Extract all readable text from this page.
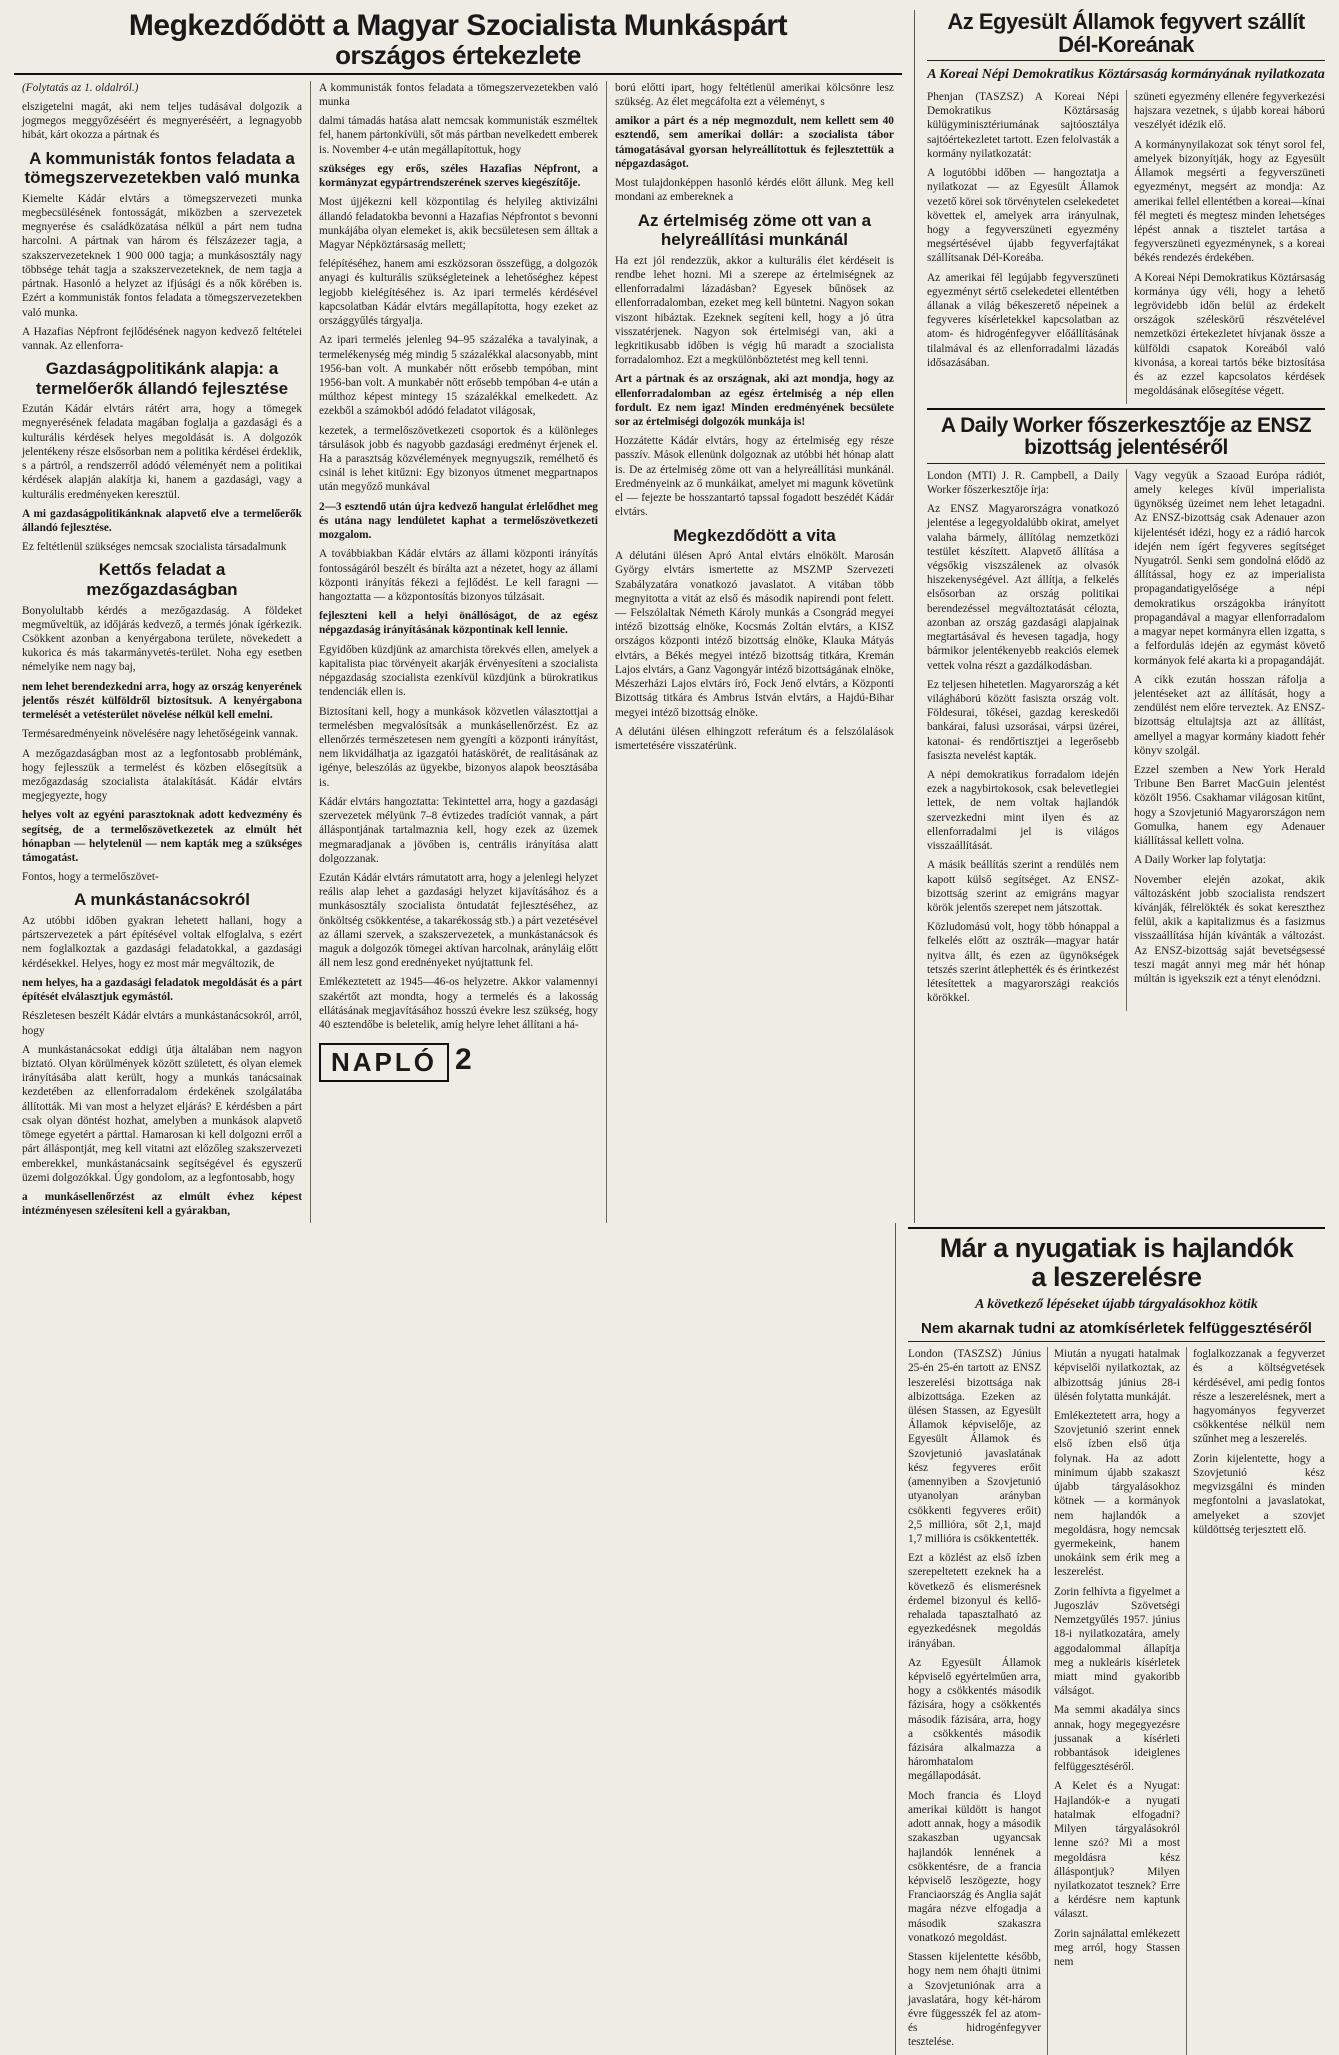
Megkezdődött a Magyar Szocialista Munkáspárt
országos értekezlete

(Folytatás az 1. oldalról.)

elszigetelni magát, aki nem teljes tudásával dolgozik a jogmegos meggyőzéséért és megnyeréséért, a legnagyobb hibát, kárt okozza a pártnak és

A kommunisták fontos feladata a tömegszervezetekben való munka

Kiemelte Kádár elvtárs a tömegszervezeti munka megbecsülésének fontosságát, miközben a szervezetek megnyerése és családközatása nélkül a párt nem tudna harcolni. A pártnak van három és félszázezer tagja, a szakszervezeteknek 1 900 000 tagja; a munkásosztály nagy többsége tehát tagja a szakszervezeteknek, de nem tagja a pártnak. Hasonló a helyzet az ifjúsági és a nők körében is. Ezért a kommunisták fontos feladata a tömegszervezetekben való munka.

A Hazafias Népfront fejlődésének nagyon kedvező feltételei vannak. Az ellenforra-

Gazdaságpolitikánk alapja: a termelőerők állandó fejlesztése

Ezután Kádár elvtárs rátért arra, hogy a tömegek megnyerésének feladata magában foglalja a gazdasági és a kulturális kérdések helyes megoldását is. A dolgozók jelentékeny része elsősorban nem a politika kérdései érdeklik, s a pártról, a rendszerről adódó véleményét nem a politikai kérdések alapján alakítja ki, hanem a gazdasági, vagy a kulturális eredményeken keresztül.

A mi gazdaságpolitikánknak alapvető elve a termelőerők állandó fejlesztése.

Ez feltétlenül szükséges nemcsak szocialista társadalmunk

Kettős feladat a mezőgazdaságban

Bonyolultabb kérdés a mezőgazdaság. A földeket megműveltük, az időjárás kedvező, a termés jónak ígérkezik. Csökkent azonban a kenyérgabona területe, növekedett a kukorica és más takarmányvetés-terület. Noha egy esetben némelyike nem nagy baj,

nem lehet berendezkedni arra, hogy az ország kenyerének jelentős részét külföldről biztosítsuk. A kenyérgabona termelését a vetésterület növelése nélkül kell emelni.

Termésaredményeink növelésére nagy lehetőségeink vannak.

A mezőgazdaságban most az a legfontosabb problémánk, hogy fejlesszük a termelést és közben elősegítsük a mezőgazdaság szocialista átalakítását. Kádár elvtárs megjegyezte, hogy

helyes volt az egyéni parasztoknak adott kedvezmény és segítség, de a termelőszövetkezetek az elmúlt hét hónapban — helytelenül — nem kapták meg a szükséges támogatást.

Fontos, hogy a termelőszövet-

A munkástanácsokról

Az utóbbi időben gyakran lehetett hallani, hogy a pártszervezetek a párt építésével voltak elfoglalva, s ezért nem foglalkoztak a gazdasági feladatokkal, a gazdasági kérdésekkel. Helyes, hogy ez most már megváltozik, de

nem helyes, ha a gazdasági feladatok megoldását és a párt építését elválasztjuk egymástól.

Részletesen beszélt Kádár elvtárs a munkástanácsokról, arról, hogy

A munkástanácsokat eddigi útja általában nem nagyon biztató. Olyan körülmények között született, és olyan elemek irányításába alatt került, hogy a munkás tanácsainak kezdetében az ellenforradalom érdekének szolgálatába állították. Mi van most a helyzet eljárás? E kérdésben a párt csak olyan döntést hozhat, amelyben a munkások alapvető tömege egyetért a párttal. Hamarosan ki kell dolgozni erről a párt álláspontját, meg kell vitatni azt előzőleg szakszervezeti emberekkel, munkástanácsaink segítségével és egyszerű üzemi dolgozókkal. Úgy gondolom, az a legfontosabb, hogy

a munkásellenőrzést az elmúlt évhez képest intézményesen szélesíteni kell a gyárakban,

A kommunisták fontos feladata a tömegszervezetekben való munka

dalmi támadás hatása alatt nemcsak kommunisták eszméltek fel, hanem pártonkívüli, sőt más pártban nevelkedett emberek is. November 4-e után megállapítottuk, hogy

szükséges egy erős, széles Hazafias Népfront, a kormányzat egypártrendszerének szerves kiegészítője.

Most újjékezni kell központilag és helyileg aktivizálni állandó feladatokba bevonni a Hazafias Népfrontot s bevonni munkájába olyan elemeket is, akik becsületesen sem álltak a Magyar Népköztársaság mellett;

felépítéséhez, hanem ami eszközsoran összefügg, a dolgozók anyagi és kulturális szükségleteinek a lehetőséghez képest legjobb kielégítéséhez is. Az ipari termelés kérdésével kapcsolatban Kádár elvtárs megállapította, hogy ezeket az országgyűlés tárgyalja.

Az ipari termelés jelenleg 94–95 százaléka a tavalyinak, a termelékenység még mindig 5 százalékkal alacsonyabb, mint 1956-ban volt. A munkabér nőtt erősebb tempóban, mint 1956-ban volt. A munkabér nőtt erősebb tempóban 4-e után a múlthoz képest mintegy 15 százalékkal emelkedett. Az ezekből a számokból adódó feladatot világosak,

kezetek, a termelőszövetkezeti csoportok és a különleges társulások jobb és nagyobb gazdasági eredményt érjenek el. Ha a parasztság közvélemények megnyugszik, remélhető és csinál is lehet kitűzni: Egy bizonyos útmenet megpartnapos után megyőző munkával

2—3 esztendő után újra kedvező hangulat érlelődhet meg és utána nagy lendületet kaphat a termelőszövetkezeti mozgalom.

A továbbiakban Kádár elvtárs az állami központi irányítás fontosságáról beszélt és bírálta azt a nézetet, hogy az állami központi irányítás fékezi a fejlődést. Le kell faragni — hangoztatta — a központosítás bizonyos túlzásait.

fejleszteni kell a helyi önállóságot, de az egész népgazdaság irányításának központinak kell lennie.

Egyidőben küzdjünk az amarchista törekvés ellen, amelyek a kapitalista piac törvényeit akarják érvényesíteni a szocialista népgazdaság szocialista ezenkívül küzdjünk a bürokratikus tendenciák ellen is.

Biztosítani kell, hogy a munkások közvetlen választottjai a termelésben megvalósítsák a munkásellenőrzést. Ez az ellenőrzés természetesen nem gyengíti a központi irányítást, nem likvidálhatja az igazgatói hatáskörét, de realitásának az igénye, beleszólás az ügyekbe, bizonyos alapok beosztásába is.

Kádár elvtárs hangoztatta: Tekintettel arra, hogy a gazdasági szervezetek mélyünk 7–8 évtizedes tradíciót vannak, a párt álláspontjának tartalmaznia kell, hogy ezek az üzemek megmaradjanak a jövőben is, centrális irányítása alatt dolgozzanak.

Ezután Kádár elvtárs rámutatott arra, hogy a jelenlegi helyzet reális alap lehet a gazdasági helyzet kijavításához és a munkásosztály szocialista öntudatát fejlesztéséhez, az önköltség csökkentése, a takarékosság stb.) a párt vezetésével az állami szervek, a szakszervezetek, a munkástanácsok és maguk a dolgozók tömegei aktívan harcolnak, arányláig előtt áll nem lesz gond erednényeket nyújtattunk fel.

Emlékeztetett az 1945—46-os helyzetre. Akkor valamennyi szakértőt azt mondta, hogy a termelés és a lakosság ellátásának megjavításához hosszú évekre lesz szükség, hogy 40 esztendőbe is beletelik, amíg helyre lehet állítani a há-

NAPLÓ 2

ború előtti ipart, hogy feltétlenül amerikai kölcsönre lesz szükség. Az élet megcáfolta ezt a véleményt, s

amikor a párt és a nép megmozdult, nem kellett sem 40 esztendő, sem amerikai dollár: a szocialista tábor támogatásával gyorsan helyreállítottuk és fejlesztettük a népgazdaságot.

Most tulajdonképpen hasonló kérdés előtt állunk. Meg kell mondani az embereknek a

Az értelmiség zöme ott van a helyreállítási munkánál

Ha ezt jól rendezzük, akkor a kulturális élet kérdéseit is rendbe lehet hozni. Mi a szerepe az értelmiségnek az ellenforradalmi lázadásban? Egyesek bűnösek az ellenforradalomban, ezeket meg kell büntetni. Nagyon sokan viszont hibáztak. Ezeknek segíteni kell, hogy a jó útra visszatérjenek. Nagyon sok értelmiségi van, aki a legkritikusabb időben is végig hű maradt a szocialista forradalomhoz. Ezt a megkülönböztetést meg kell tenni.

Art a pártnak és az országnak, aki azt mondja, hogy az ellenforradalomban az egész értelmiség a nép ellen fordult. Ez nem igaz! Minden eredményének becsülete sor az értelmiségi dolgozók munkája is!

Hozzátette Kádár elvtárs, hogy az értelmiség egy része passzív. Mások ellenünk dolgoznak az utóbbi hét hónap alatt is. De az értelmiség zöme ott van a helyreállítási munkánál. Eredményeink az ő munkáikat, amelyet mi magunk követünk el — fejezte be hosszantartó tapssal fogadott beszédét Kádár elvtárs.

Megkezdődött a vita

A délutáni ülésen Apró Antal elvtárs elnökölt. Marosán György elvtárs ismertette az MSZMP Szervezeti Szabályzatára vonatkozó javaslatot. A vitában több megnyitotta a vitát az első és második napirendi pont felett. — Felszólaltak Németh Károly munkás a Csongrád megyei intéző bizottság elnöke, Kocsmás Zoltán elvtárs, a KISZ országos központi intéző bizottság elnöke, Klauka Mátyás elvtárs, a Békés megyei intéző bizottság titkára, Kremán Lajos elvtárs, a Ganz Vagongyár intéző bizottságának elnöke, Mészerházi Lajos elvtárs író, Fock Jenő elvtárs, a Központi Bizottság titkára és Ambrus István elvtárs, a Hajdú-Bihar megyei intéző bizottság elnöke.

A délutáni ülésen elhingzott referátum és a felszólalások ismertetésére visszatérünk.

Az Egyesült Államok fegyvert szállít
Dél-Koreának
A Koreai Népi Demokratikus Köztársaság kormányának nyilatkozata

Phenjan (TASZSZ) A Koreai Népi Demokratikus Köztársaság külügyminisztériumának sajtóosztálya sajtóértekezletet tartott. Ezen felolvasták a kormány nyilatkozatát:

A logutóbbi időben — hangoztatja a nyilatkozat — az Egyesült Államok vezető körei sok törvénytelen cselekedetet követtek el, amelyek arra irányulnak, hogy a fegyverszüneti egyezmény megsértésével újabb fegyverfajtákat szállítsanak Dél-Koreába.

Az amerikai fél legújabb fegyverszüneti egyezményt sértő cselekedetei ellentétben állanak a világ békeszerető népeinek a fegyveres kísérletekkel kapcsolatban az atom- és hidrogénfegyver előállításának tilalmával és az ellenforradalmi lázadás idősazásában.

szüneti egyezmény ellenére fegyverkezési hajszara vezetnek, s újabb koreai háború veszélyét idézik elő.

A kormánynyilakozat sok tényt sorol fel, amelyek bizonyítják, hogy az Egyesült Államok megsérti a fegyverszüneti egyezményt, megsért az mondja: Az amerikai fellel ellentétben a koreai—kínai fél megteti és megtesz minden lehetséges lépést annak a tisztelet tartása a fegyverszüneti egyezménynek, s a koreai békés rendezés érdekében.

A Koreai Népi Demokratikus Köztársaság kormánya úgy véli, hogy a lehető legrövidebb időn belül az érdekelt országok széleskörű részvételével nemzetközi értekezletet hívjanak össze a külföldi csapatok Koreából való kivonása, a koreai tartós béke biztosítása és az ezzel kapcsolatos kérdések megoldásának elősegítése végett.

A Daily Worker főszerkesztője az ENSZ
bizottság jelentéséről

London (MTI) J. R. Campbell, a Daily Worker főszerkesztője írja:

Az ENSZ Magyarországra vonatkozó jelentése a legegyoldalúbb okirat, amelyet valaha bármely, állítólag nemzetközi testület készített. Alapvető állítása a végsőkig viszszálenek az olvasók hiszekenységével. Azt állítja, a felkelés elsősorban az ország politikai berendezéssel megváltoztatását célozta, azonban az ország gazdasági alapjainak megtartásával és hevesen tagadja, hogy bármikor jelentékenyebb reakciós elemek vettek volna részt a gazdálkodásban.

Ez teljesen hihetetlen. Magyarország a két világháború között fasiszta ország volt. Földesurai, tőkései, gazdag kereskedői bankárai, falusi uzsorásai, várpsi üzérei, katonai- és rendőrtisztjei a legerősebb fasiszta nevelést kapták.

A népi demokratikus forradalom idején ezek a nagybirtokosok, csak belevetlegiei lettek, de nem voltak hajlandók szervezkedni mint ilyen és az ellenforradalmi jel is világos visszaállítását.

A másik beállítás szerint a rendülés nem kapott külső segítséget. Az ENSZ-bizottság szerint az emigráns magyar körök jelentős szerepet nem játszottak.

Közludomású volt, hogy több hónappal a felkelés előtt az osztrák—magyar határ nyitva állt, és ezen az ügynökségek tetszés szerint átlephették és és érintkezést létesítettek a magyarországi reakciós körökkel.

Vagy vegyük a Szaoad Európa rádiót, amely keleges kívül imperialista ügynökség üzeimet nem lehet letagadni. Az ENSZ-bizottság csak Adenauer azon kijelentését idézi, hogy ez a rádió harcok idején nem ígért fegyveres segítséget Nyugatról. Senki sem gondolná elődö az állítással, hogy ez az imperialista propagandatigyelősége a népi demokratikus országokba irányított propagandával a magyar ellenforradalom a magyar nepet kormányra ellen izgatta, s a felfordulás idején az egymást követő kormányok felé akarta ki a propagandáját.

A cikk ezután hosszan ráfolja a jelentéseket azt az állítását, hogy a zendülést nem előre terveztek. Az ENSZ-bizottság eltulajtsja azt az állítást, amellyel a magyar kormány kiadott fehér könyv szolgál.

Ezzel szemben a New York Herald Tribune Ben Barret MacGuin jelentést közölt 1956. Csakhamar világosan kitűnt, hogy a Szovjetunió Magyarországon nem Gomulka, hanem egy Adenauer kiállítással kellett volna.

A Daily Worker lap folytatja:

November elején azokat, akik változásként jobb szocialista rendszert kívánják, félrelökték és sokat kereszthez felül, akik a kapitalizmus és a fasizmus visszaállítása híján kívánták a változást. Az ENSZ-bizottság saját bevetségsessé teszi magát annyi meg már hét hónap múltán is igyekszik ezt a tényt elenódzni.

Már a nyugatiak is hajlandók
a leszerelésre
A következő lépéseket újabb tárgyalásokhoz kötik
Nem akarnak tudni az atomkísérletek felfüggesztéséről

London (TASZSZ) Június 25-én 25-én tartott az ENSZ leszerelési bizottsága nak albizottsága. Ezeken az ülésen Stassen, az Egyesült Államok képviselője, az Egyesült Államok és Szovjetunió javaslatának kész fegyveres erőit (amennyiben a Szovjetunió utyanolyan arányban csökkenti fegyveres erőit) 2,5 millióra, sőt 2,1, majd 1,7 millióra is csökkentették.

Ezt a közlést az első ízben szerepeltetett ezeknek ha a következő és elismerésnek érdemel bizonyul és kellő-rehalada tapasztalható az egyezkedésnek megoldás irányában.

Az Egyesült Államok képviselő egyértelműen arra, hogy a csökkentés második fázisára, hogy a csökkentés második fázisára, arra, hogy a csökkentés második fázisára alkalmazza a háromhatalom megállapodását.

Moch francia és Lloyd amerikai küldött is hangot adott annak, hogy a második szakaszban ugyancsak hajlandók lennének a csökkentésre, de a francia képviselő leszögezte, hogy Franciaország és Anglia saját magára nézve elfogadja a második szakaszra vonatkozó megoldást.

Stassen kijelentette később, hogy nem nem óhajti ütnimi a Szovjetuniónak arra a javaslatára, hogy két-három évre függesszék fel az atom- és hidrogénfegyver tesztelése.

Miután a nyugati hatalmak képviselői nyilatkoztak, az albizottság június 28-i ülésén folytatta munkáját.

Emlékeztetett arra, hogy a Szovjetunió szerint ennek első ízben első útja folynak. Ha az adott minimum újabb szakaszt újabb tárgyalásokhoz kötnek — a kormányok nem hajlandók a megoldásra, hogy nemcsak gyermekeink, hanem unokáink sem érik meg a leszerelést.

Zorin felhívta a figyelmet a Jugoszláv Szövetségi Nemzetgyűlés 1957. június 18-i nyilatkozatára, amely aggodalommal állapítja meg a nukleáris kísérletek miatt mind gyakoribb válságot.

Ma semmi akadálya sincs annak, hogy megegyezésre jussanak a kísérleti robbantások ideiglenes felfüggesztéséről.

A Kelet és a Nyugat: Hajlandók-e a nyugati hatalmak elfogadni? Milyen tárgyalásokról lenne szó? Mi a most megoldásra kész álláspontjuk? Milyen nyilatkozatot tesznek? Erre a kérdésre nem kaptunk választ.

Zorin sajnálattal emlékezett meg arról, hogy Stassen nem

foglalkozzanak a fegyverzet és a költségvetések kérdésével, ami pedig fontos része a leszerelésnek, mert a hagyományos fegyverzet csökkentése nélkül nem szűnhet meg a leszerelés.

Zorin kijelentette, hogy a Szovjetunió kész megvizsgálni és minden megfontolni a javaslatokat, amelyeket a szovjet küldöttség terjesztett elő.
